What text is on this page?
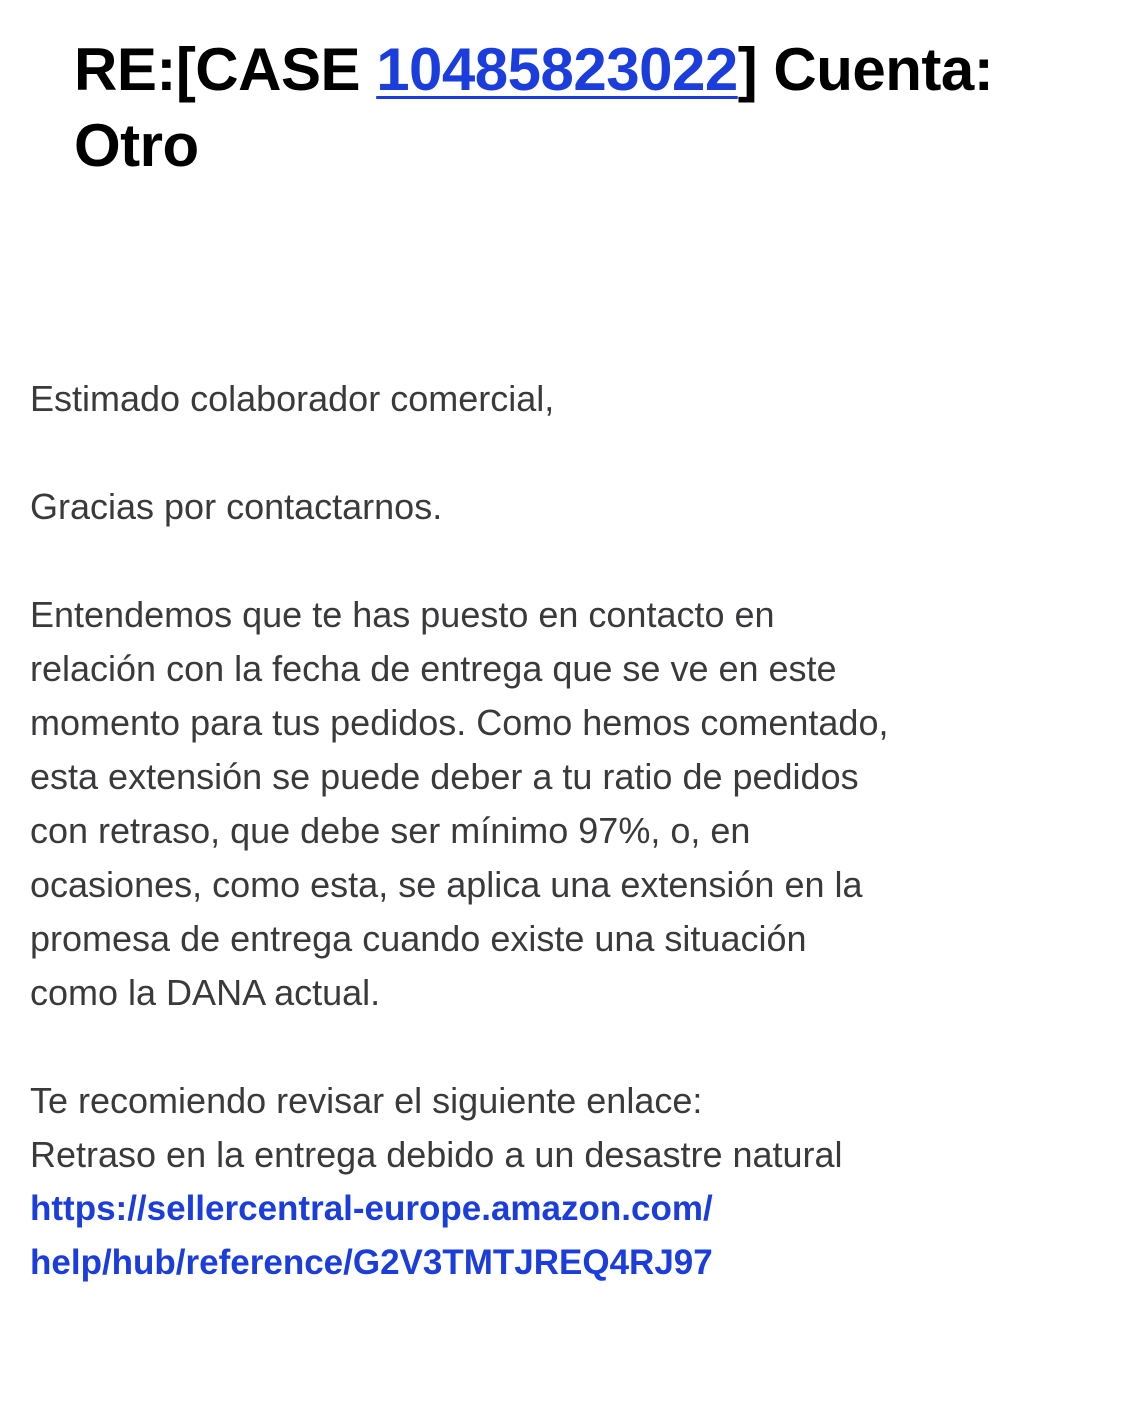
RE:[CASE 10485823022] Cuenta:
Otro

Estimado colaborador comercial,

Gracias por contactarnos.

Entendemos que te has puesto en contacto en relación con la fecha de entrega que se ve en este momento para tus pedidos. Como hemos comentado, esta extensión se puede deber a tu ratio de pedidos con retraso, que debe ser mínimo 97%, o, en ocasiones, como esta, se aplica una extensión en la promesa de entrega cuando existe una situación como la DANA actual.

Te recomiendo revisar el siguiente enlace:
Retraso en la entrega debido a un desastre natural
https://sellercentral-europe.amazon.com/
help/hub/reference/G2V3TMTJREQ4RJ97
